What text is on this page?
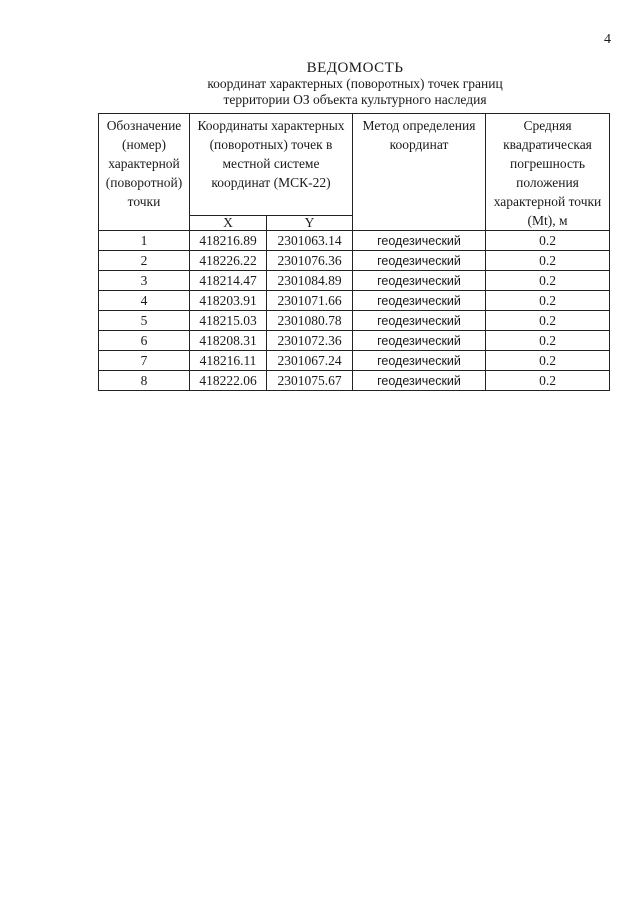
4
ВЕДОМОСТЬ
координат характерных (поворотных) точек границ
территории ОЗ объекта культурного наследия
Обозначение (номер) характерной (поворотной) точки	Координаты характерных (поворотных) точек в местной системе координат (МСК-22)		Метод определения координат	Средняя квадратическая погрешность положения характерной точки (Mt), м
	X	Y		
1	418216.89	2301063.14	геодезический	0.2
2	418226.22	2301076.36	геодезический	0.2
3	418214.47	2301084.89	геодезический	0.2
4	418203.91	2301071.66	геодезический	0.2
5	418215.03	2301080.78	геодезический	0.2
6	418208.31	2301072.36	геодезический	0.2
7	418216.11	2301067.24	геодезический	0.2
8	418222.06	2301075.67	геодезический	0.2
